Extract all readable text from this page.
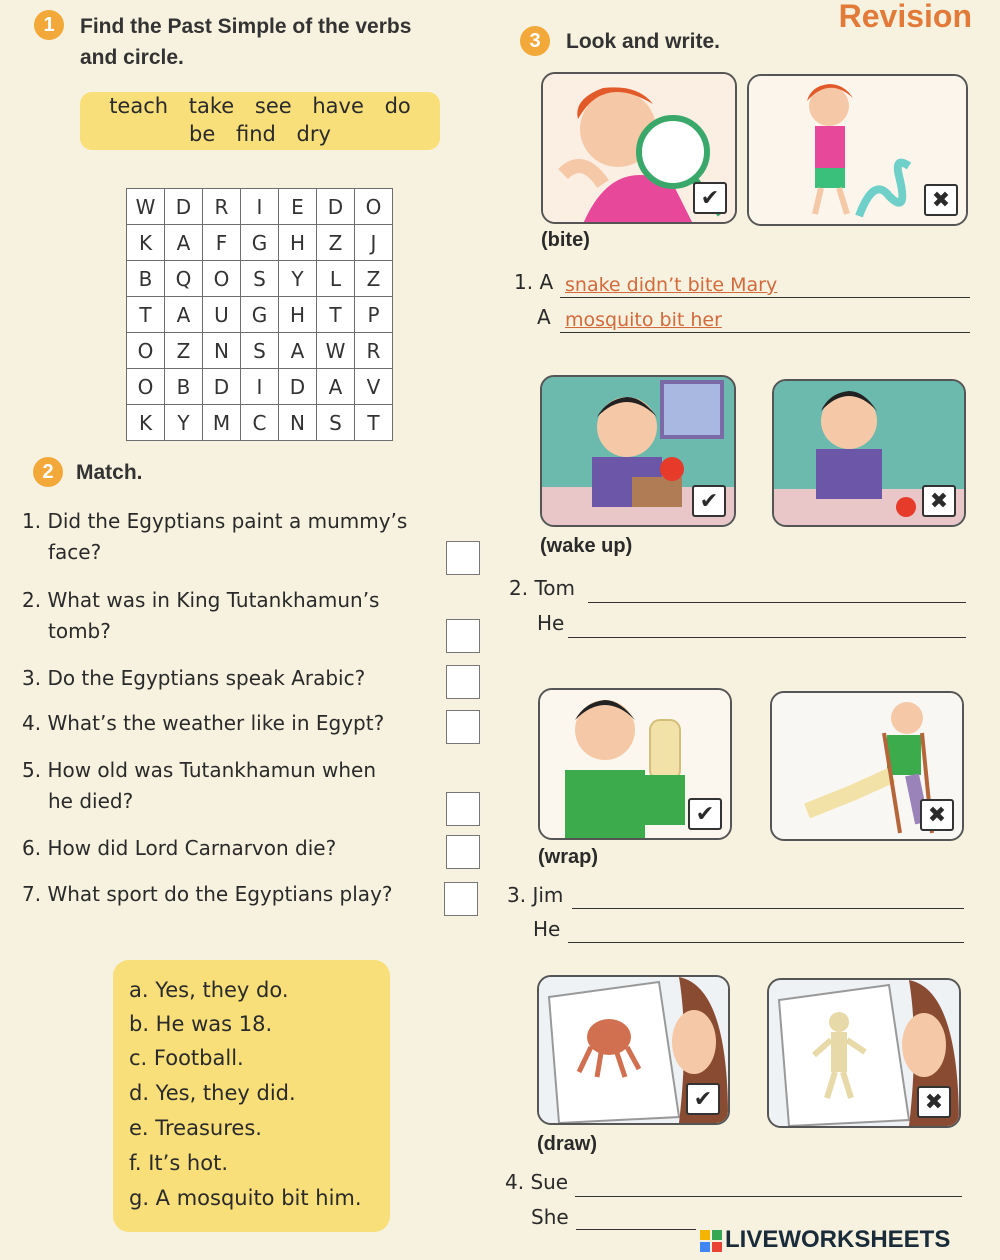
1	Find the Past Simple of the verbs
and circle.
Revision
teach take see have do
be find dry
W	D	R	I	E	D	O
K	A	F	G	H	Z	J
B	Q	O	S	Y	L	Z
T	A	U	G	H	T	P
O	Z	N	S	A	W	R
O	B	D	I	D	A	V
K	Y	M	C	N	S	T
2	Match.
1. Did the Egyptians paint a mummy’s
face?
2. What was in King Tutankhamun’s
tomb?
3. Do the Egyptians speak Arabic?
4. What’s the weather like in Egypt?
5. How old was Tutankhamun when
he died?
6. How did Lord Carnarvon die?
7. What sport do the Egyptians play?
a. Yes, they do.
b. He was 18.
c. Football.
d. Yes, they did.
e. Treasures.
f. It’s hot.
g. A mosquito bit him.
3	Look and write.
✔	✖
(bite)
1. A snake didn’t bite Mary
A mosquito bit her
✔	✖
(wake up)
2. Tom
He
✔	✖
(wrap)
3. Jim
He
✔	✖
(draw)
4. Sue
She
LIVEWORKSHEETS
